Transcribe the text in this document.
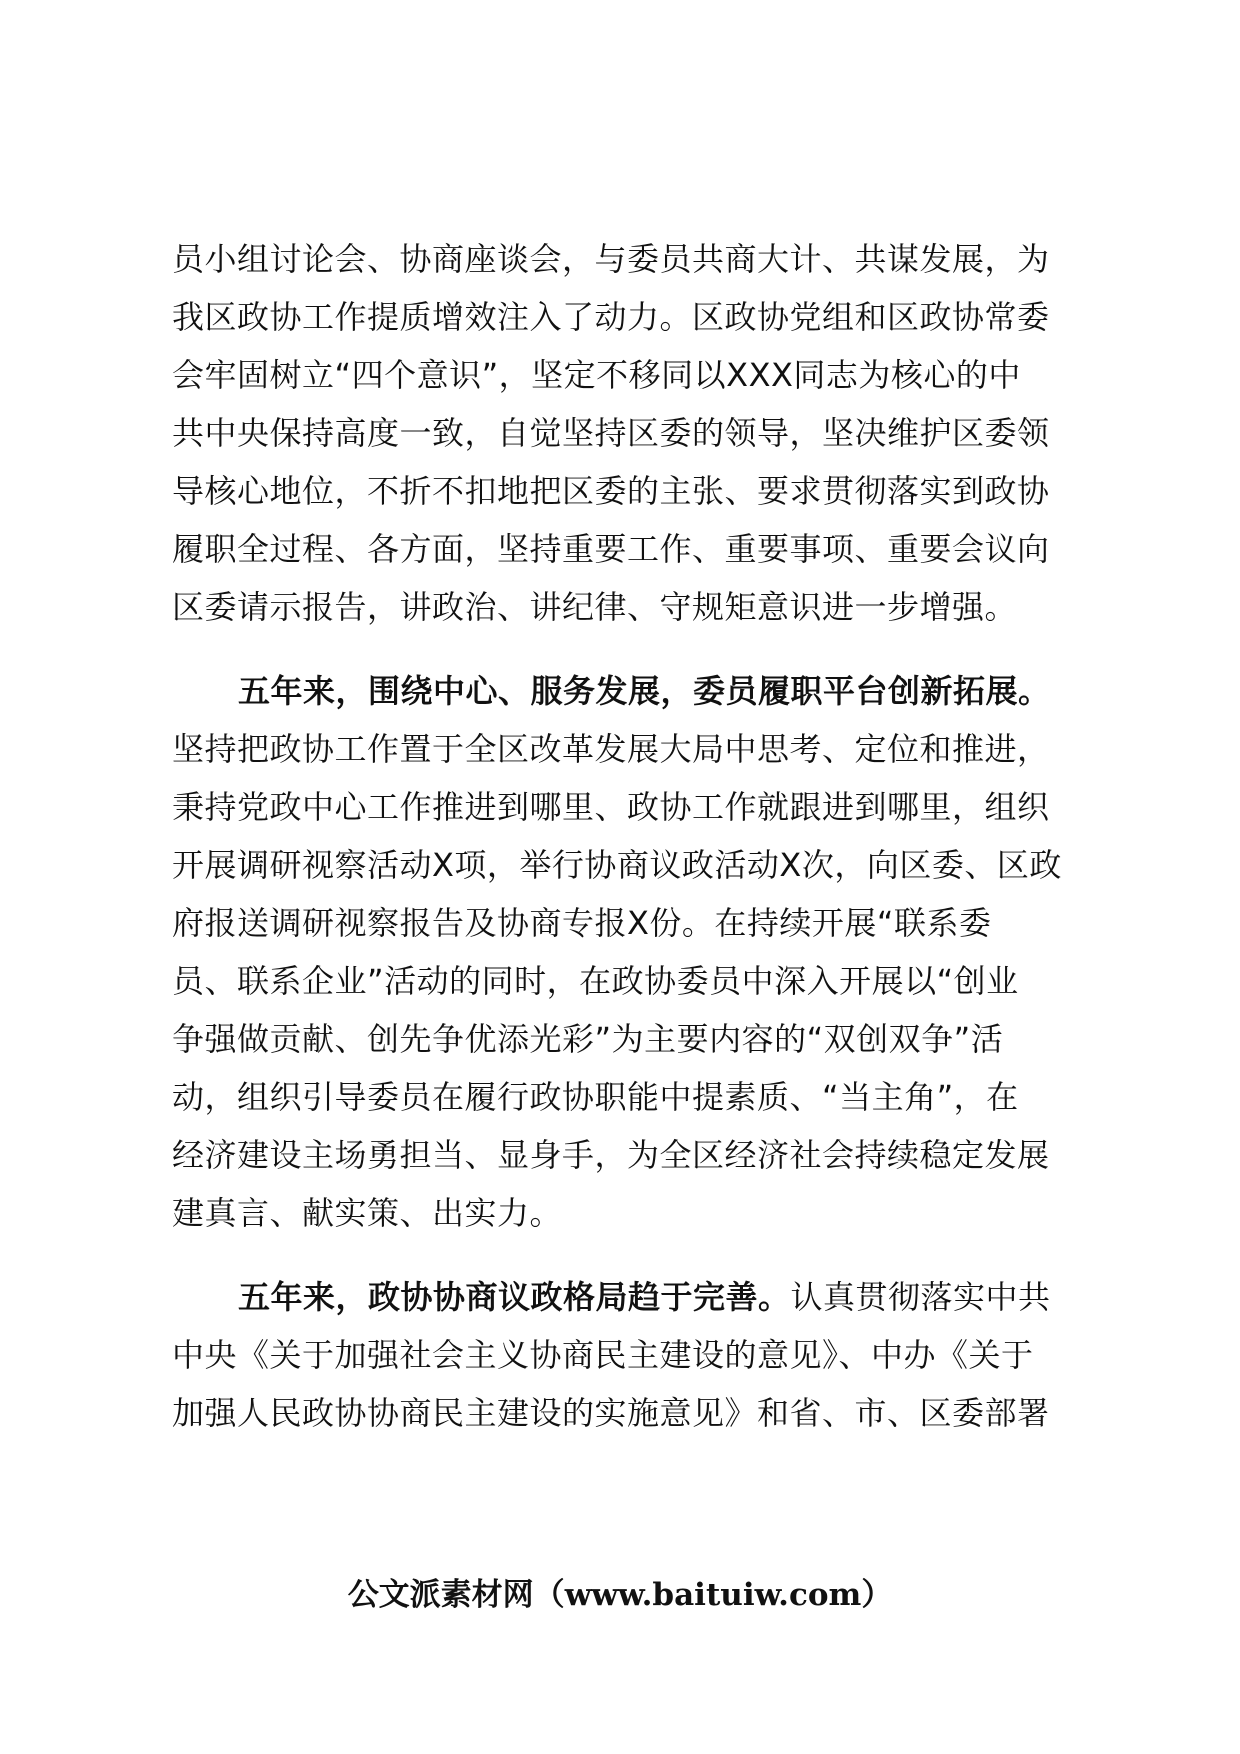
员小组讨论会、协商座谈会，与委员共商大计、共谋发展，为
我区政协工作提质增效注入了动力。区政协党组和区政协常委
会牢固树立“四个意识”，坚定不移同以XXX同志为核心的中
共中央保持高度一致，自觉坚持区委的领导，坚决维护区委领
导核心地位，不折不扣地把区委的主张、要求贯彻落实到政协
履职全过程、各方面，坚持重要工作、重要事项、重要会议向
区委请示报告，讲政治、讲纪律、守规矩意识进一步增强。
五年来，围绕中心、服务发展，委员履职平台创新拓展。
坚持把政协工作置于全区改革发展大局中思考、定位和推进，
秉持党政中心工作推进到哪里、政协工作就跟进到哪里，组织
开展调研视察活动X项，举行协商议政活动X次，向区委、区政
府报送调研视察报告及协商专报X份。在持续开展“联系委
员、联系企业”活动的同时，在政协委员中深入开展以“创业
争强做贡献、创先争优添光彩”为主要内容的“双创双争”活
动，组织引导委员在履行政协职能中提素质、“当主角”，在
经济建设主场勇担当、显身手，为全区经济社会持续稳定发展
建真言、献实策、出实力。
五年来，政协协商议政格局趋于完善。认真贯彻落实中共
中央《关于加强社会主义协商民主建设的意见》、中办《关于
加强人民政协协商民主建设的实施意见》和省、市、区委部署
公文派素材网（www.baituiw.com）
